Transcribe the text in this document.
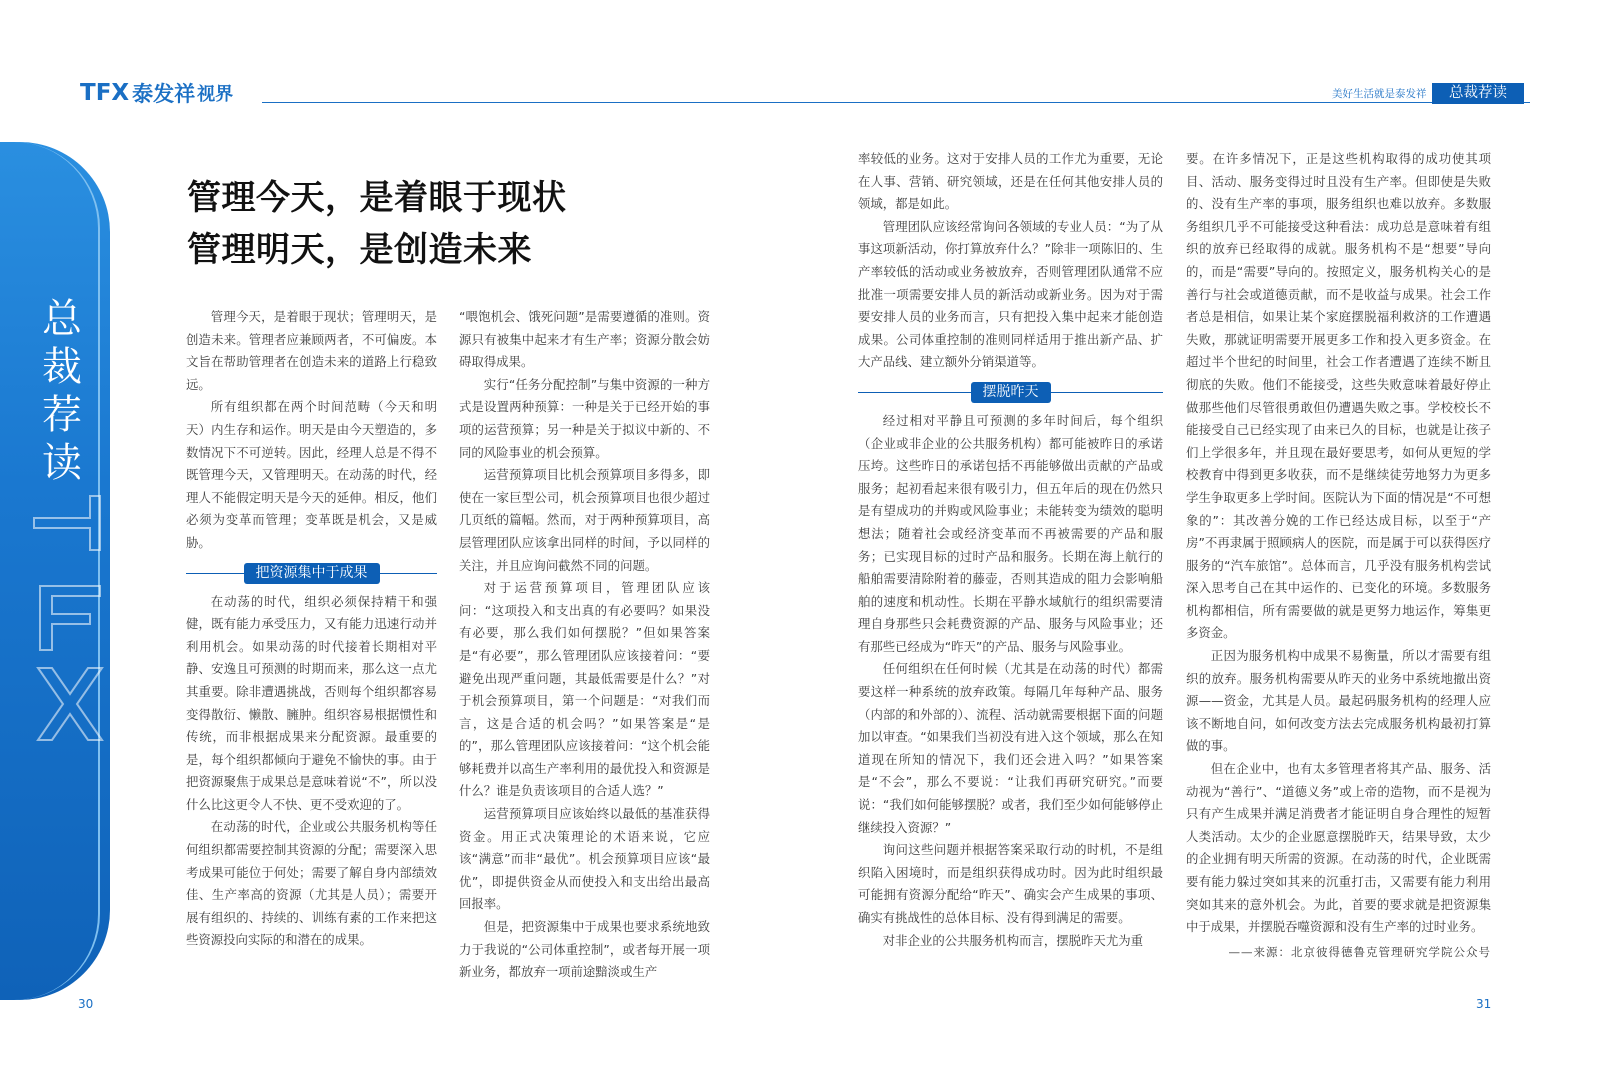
TFX 泰发祥 视界	美好生活就是泰发祥	总裁荐读
总
裁
荐
读
管理今天，是着眼于现状
管理明天，是创造未来

管理今天，是着眼于现状；管理明天，是创造未来。管理者应兼顾两者，不可偏废。本文旨在帮助管理者在创造未来的道路上行稳致远。

所有组织都在两个时间范畴（今天和明天）内生存和运作。明天是由今天塑造的，多数情况下不可逆转。因此，经理人总是不得不既管理今天，又管理明天。在动荡的时代，经理人不能假定明天是今天的延伸。相反，他们必须为变革而管理；变革既是机会，又是威胁。

把资源集中于成果

在动荡的时代，组织必须保持精干和强健，既有能力承受压力，又有能力迅速行动并利用机会。如果动荡的时代接着长期相对平静、安逸且可预测的时期而来，那么这一点尤其重要。除非遭遇挑战，否则每个组织都容易变得散衍、懒散、臃肿。组织容易根据惯性和传统，而非根据成果来分配资源。最重要的是，每个组织都倾向于避免不愉快的事。由于把资源聚焦于成果总是意味着说“不”，所以没什么比这更令人不快、更不受欢迎的了。

在动荡的时代，企业或公共服务机构等任何组织都需要控制其资源的分配；需要深入思考成果可能位于何处；需要了解自身内部绩效佳、生产率高的资源（尤其是人员）；需要开展有组织的、持续的、训练有素的工作来把这些资源投向实际的和潜在的成果。

“喂饱机会、饿死问题”是需要遵循的准则。资源只有被集中起来才有生产率；资源分散会妨碍取得成果。

实行“任务分配控制”与集中资源的一种方式是设置两种预算：一种是关于已经开始的事项的运营预算；另一种是关于拟议中新的、不同的风险事业的机会预算。

运营预算项目比机会预算项目多得多，即使在一家巨型公司，机会预算项目也很少超过几页纸的篇幅。然而，对于两种预算项目，高层管理团队应该拿出同样的时间，予以同样的关注，并且应询问截然不同的问题。

对于运营预算项目，管理团队应该问：“这项投入和支出真的有必要吗？如果没有必要，那么我们如何摆脱？”但如果答案是“有必要”，那么管理团队应该接着问：“要避免出现严重问题，其最低需要是什么？”对于机会预算项目，第一个问题是：“对我们而言，这是合适的机会吗？”如果答案是“是的”，那么管理团队应该接着问：“这个机会能够耗费并以高生产率利用的最优投入和资源是什么？谁是负责该项目的合适人选？”

运营预算项目应该始终以最低的基准获得资金。用正式决策理论的术语来说，它应该“满意”而非“最优”。机会预算项目应该“最优”，即提供资金从而使投入和支出给出最高回报率。

但是，把资源集中于成果也要求系统地致力于我说的“公司体重控制”，或者每开展一项新业务，都放弃一项前途黯淡或生产

率较低的业务。这对于安排人员的工作尤为重要，无论在人事、营销、研究领域，还是在任何其他安排人员的领域，都是如此。

管理团队应该经常询问各领域的专业人员：“为了从事这项新活动，你打算放弃什么？”除非一项陈旧的、生产率较低的活动或业务被放弃，否则管理团队通常不应批准一项需要安排人员的新活动或新业务。因为对于需要安排人员的业务而言，只有把投入集中起来才能创造成果。公司体重控制的准则同样适用于推出新产品、扩大产品线、建立额外分销渠道等。

摆脱昨天

经过相对平静且可预测的多年时间后，每个组织（企业或非企业的公共服务机构）都可能被昨日的承诺压垮。这些昨日的承诺包括不再能够做出贡献的产品或服务；起初看起来很有吸引力，但五年后的现在仍然只是有望成功的并购或风险事业；未能转变为绩效的聪明想法；随着社会或经济变革而不再被需要的产品和服务；已实现目标的过时产品和服务。长期在海上航行的船舶需要清除附着的藤壶，否则其造成的阻力会影响船舶的速度和机动性。长期在平静水域航行的组织需要清理自身那些只会耗费资源的产品、服务与风险事业；还有那些已经成为“昨天”的产品、服务与风险事业。

任何组织在任何时候（尤其是在动荡的时代）都需要这样一种系统的放弃政策。每隔几年每种产品、服务（内部的和外部的）、流程、活动就需要根据下面的问题加以审查。“如果我们当初没有进入这个领域，那么在知道现在所知的情况下，我们还会进入吗？”如果答案是“不会”，那么不要说：“让我们再研究研究。”而要说：“我们如何能够摆脱？或者，我们至少如何能够停止继续投入资源？”

询问这些问题并根据答案采取行动的时机，不是组织陷入困境时，而是组织获得成功时。因为此时组织最可能拥有资源分配给“昨天”、确实会产生成果的事项、确实有挑战性的总体目标、没有得到满足的需要。

对非企业的公共服务机构而言，摆脱昨天尤为重

要。在许多情况下，正是这些机构取得的成功使其项目、活动、服务变得过时且没有生产率。但即使是失败的、没有生产率的事项，服务组织也难以放弃。多数服务组织几乎不可能接受这种看法：成功总是意味着有组织的放弃已经取得的成就。服务机构不是“想要”导向的，而是“需要”导向的。按照定义，服务机构关心的是善行与社会或道德贡献，而不是收益与成果。社会工作者总是相信，如果让某个家庭摆脱福利救济的工作遭遇失败，那就证明需要开展更多工作和投入更多资金。在超过半个世纪的时间里，社会工作者遭遇了连续不断且彻底的失败。他们不能接受，这些失败意味着最好停止做那些他们尽管很勇敢但仍遭遇失败之事。学校校长不能接受自己已经实现了由来已久的目标，也就是让孩子们上学很多年，并且现在最好要思考，如何从更短的学校教育中得到更多收获，而不是继续徒劳地努力为更多学生争取更多上学时间。医院认为下面的情况是“不可想象的”：其改善分娩的工作已经达成目标，以至于“产房”不再隶属于照顾病人的医院，而是属于可以获得医疗服务的“汽车旅馆”。总体而言，几乎没有服务机构尝试深入思考自己在其中运作的、已变化的环境。多数服务机构都相信，所有需要做的就是更努力地运作，筹集更多资金。

正因为服务机构中成果不易衡量，所以才需要有组织的放弃。服务机构需要从昨天的业务中系统地撤出资源——资金，尤其是人员。最起码服务机构的经理人应该不断地自问，如何改变方法去完成服务机构最初打算做的事。

但在企业中，也有太多管理者将其产品、服务、活动视为“善行”、“道德义务”或上帝的造物，而不是视为只有产生成果并满足消费者才能证明自身合理性的短暂人类活动。太少的企业愿意摆脱昨天，结果导致，太少的企业拥有明天所需的资源。在动荡的时代，企业既需要有能力躲过突如其来的沉重打击，又需要有能力利用突如其来的意外机会。为此，首要的要求就是把资源集中于成果，并摆脱吞噬资源和没有生产率的过时业务。

——来源：北京彼得德鲁克管理研究学院公众号
30	31
